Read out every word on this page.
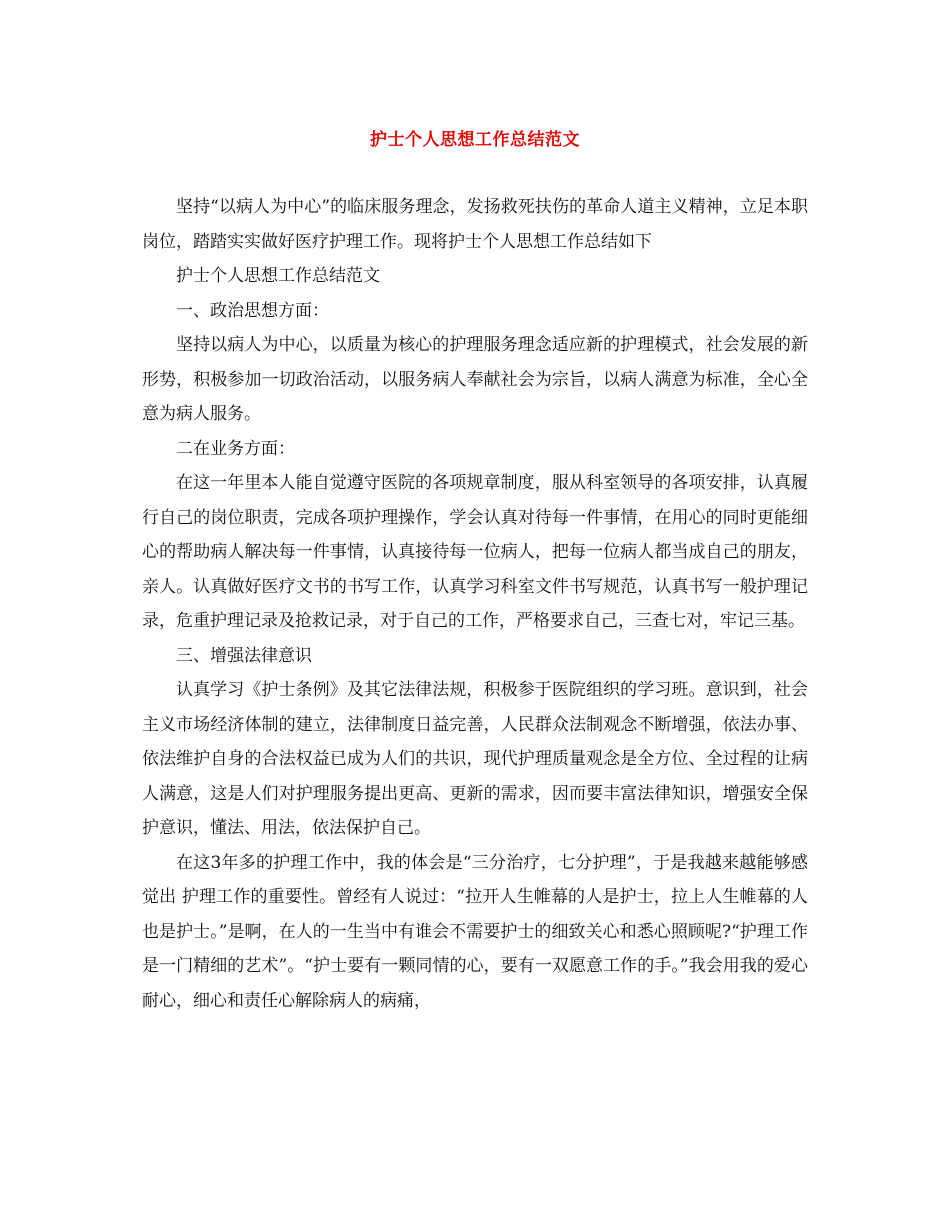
护士个人思想工作总结范文

坚持“以病人为中心”的临床服务理念，发扬救死扶伤的革命人道主义精神，立足本职岗位，踏踏实实做好医疗护理工作。现将护士个人思想工作总结如下

护士个人思想工作总结范文

一、政治思想方面：

坚持以病人为中心，以质量为核心的护理服务理念适应新的护理模式，社会发展的新形势，积极参加一切政治活动，以服务病人奉献社会为宗旨，以病人满意为标准，全心全意为病人服务。

二在业务方面：

在这一年里本人能自觉遵守医院的各项规章制度，服从科室领导的各项安排，认真履行自己的岗位职责，完成各项护理操作，学会认真对待每一件事情，在用心的同时更能细心的帮助病人解决每一件事情，认真接待每一位病人，把每一位病人都当成自己的朋友，亲人。认真做好医疗文书的书写工作，认真学习科室文件书写规范，认真书写一般护理记录，危重护理记录及抢救记录，对于自己的工作，严格要求自己，三查七对，牢记三基。

三、增强法律意识

认真学习《护士条例》及其它法律法规，积极参于医院组织的学习班。意识到，社会主义市场经济体制的建立，法律制度日益完善，人民群众法制观念不断增强，依法办事、依法维护自身的合法权益已成为人们的共识，现代护理质量观念是全方位、全过程的让病人满意，这是人们对护理服务提出更高、更新的需求，因而要丰富法律知识，增强安全保护意识，懂法、用法，依法保护自己。

在这3年多的护理工作中，我的体会是“三分治疗，七分护理”，于是我越来越能够感觉出 护理工作的重要性。曾经有人说过：“拉开人生帷幕的人是护士，拉上人生帷幕的人也是护士。”是啊，在人的一生当中有谁会不需要护士的细致关心和悉心照顾呢?“护理工作是一门精细的艺术”。“护士要有一颗同情的心，要有一双愿意工作的手。”我会用我的爱心耐心，细心和责任心解除病人的病痛，
